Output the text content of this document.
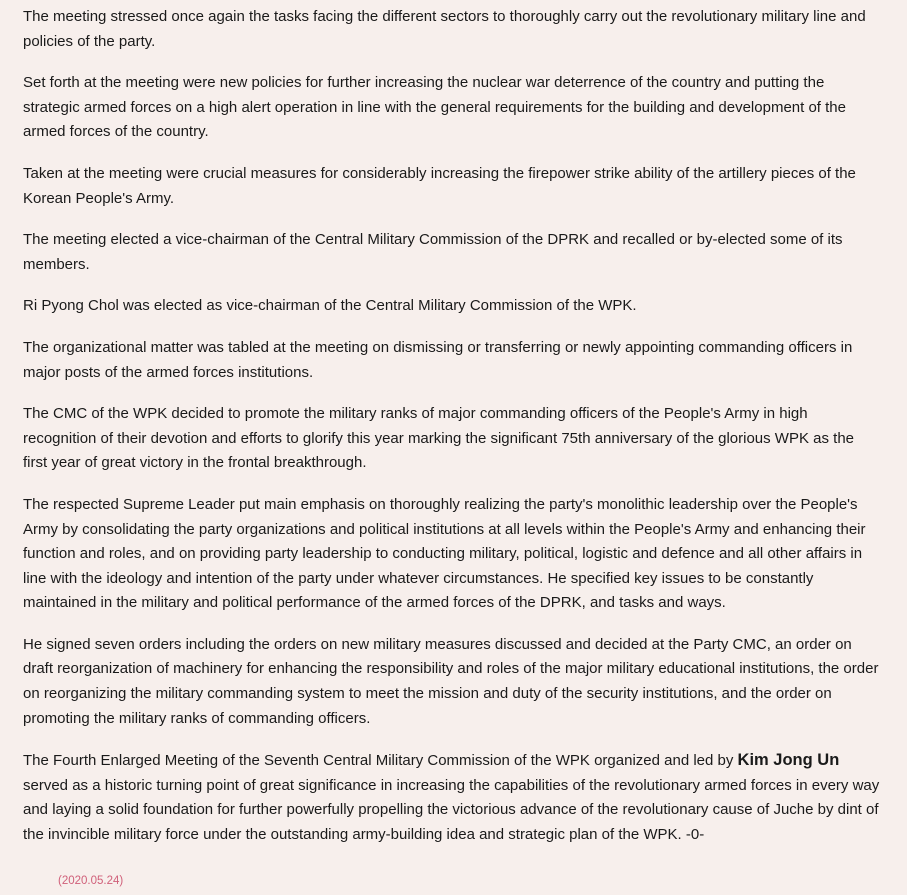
The meeting stressed once again the tasks facing the different sectors to thoroughly carry out the revolutionary military line and policies of the party.

Set forth at the meeting were new policies for further increasing the nuclear war deterrence of the country and putting the strategic armed forces on a high alert operation in line with the general requirements for the building and development of the armed forces of the country.

Taken at the meeting were crucial measures for considerably increasing the firepower strike ability of the artillery pieces of the Korean People's Army.

The meeting elected a vice-chairman of the Central Military Commission of the DPRK and recalled or by-elected some of its members.

Ri Pyong Chol was elected as vice-chairman of the Central Military Commission of the WPK.

The organizational matter was tabled at the meeting on dismissing or transferring or newly appointing commanding officers in major posts of the armed forces institutions.

The CMC of the WPK decided to promote the military ranks of major commanding officers of the People's Army in high recognition of their devotion and efforts to glorify this year marking the significant 75th anniversary of the glorious WPK as the first year of great victory in the frontal breakthrough.

The respected Supreme Leader put main emphasis on thoroughly realizing the party's monolithic leadership over the People's Army by consolidating the party organizations and political institutions at all levels within the People's Army and enhancing their function and roles, and on providing party leadership to conducting military, political, logistic and defence and all other affairs in line with the ideology and intention of the party under whatever circumstances. He specified key issues to be constantly maintained in the military and political performance of the armed forces of the DPRK, and tasks and ways.

He signed seven orders including the orders on new military measures discussed and decided at the Party CMC, an order on draft reorganization of machinery for enhancing the responsibility and roles of the major military educational institutions, the order on reorganizing the military commanding system to meet the mission and duty of the security institutions, and the order on promoting the military ranks of commanding officers.

The Fourth Enlarged Meeting of the Seventh Central Military Commission of the WPK organized and led by Kim Jong Un served as a historic turning point of great significance in increasing the capabilities of the revolutionary armed forces in every way and laying a solid foundation for further powerfully propelling the victorious advance of the revolutionary cause of Juche by dint of the invincible military force under the outstanding army-building idea and strategic plan of the WPK. -0-

(2020.05.24)
